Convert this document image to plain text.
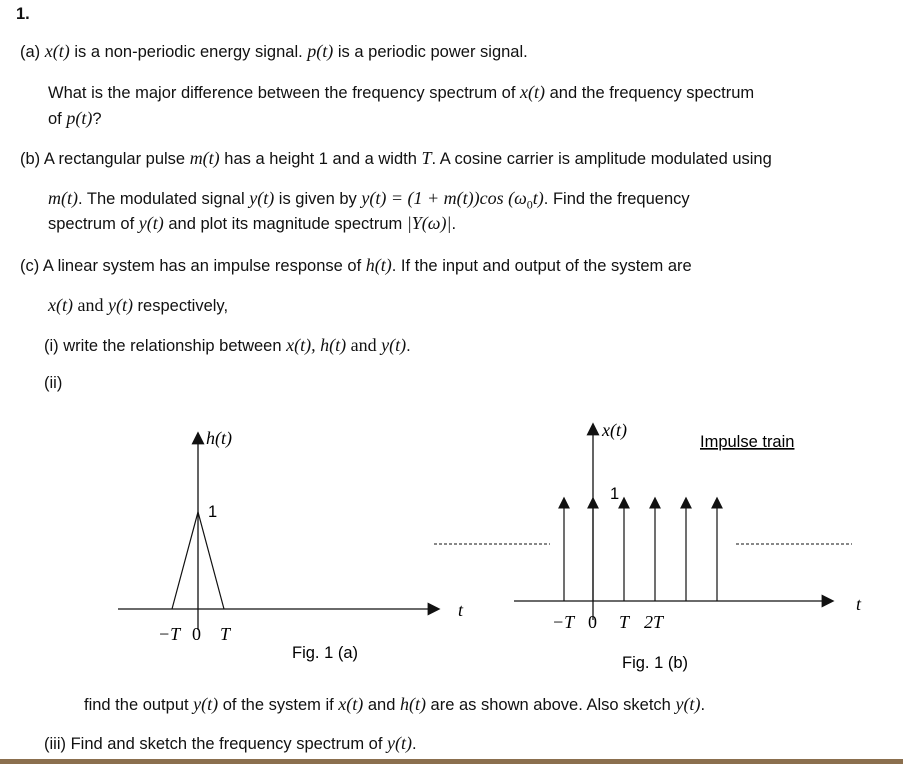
1.
(a) x(t) is a non-periodic energy signal. p(t) is a periodic power signal.
What is the major difference between the frequency spectrum of x(t) and the frequency spectrum
of p(t)?
(b) A rectangular pulse m(t) has a height 1 and a width T. A cosine carrier is amplitude modulated using
m(t). The modulated signal y(t) is given by y(t) = (1 + m(t))cos $(\omega_0t)$. Find the frequency
spectrum of y(t) and plot its magnitude spectrum |Y(ω)|.
(c) A linear system has an impulse response of h(t). If the input and output of the system are
x(t) and y(t) respectively,
(i) write the relationship between x(t), h(t) and y(t).
(ii)
h(t)
1
t
−T 0 T
Fig. 1 (a)
x(t)
1
Impulse train
t
−T 0 T 2T
Fig. 1 (b)
find the output y(t) of the system if x(t) and h(t) are as shown above. Also sketch y(t).
(iii) Find and sketch the frequency spectrum of y(t).
